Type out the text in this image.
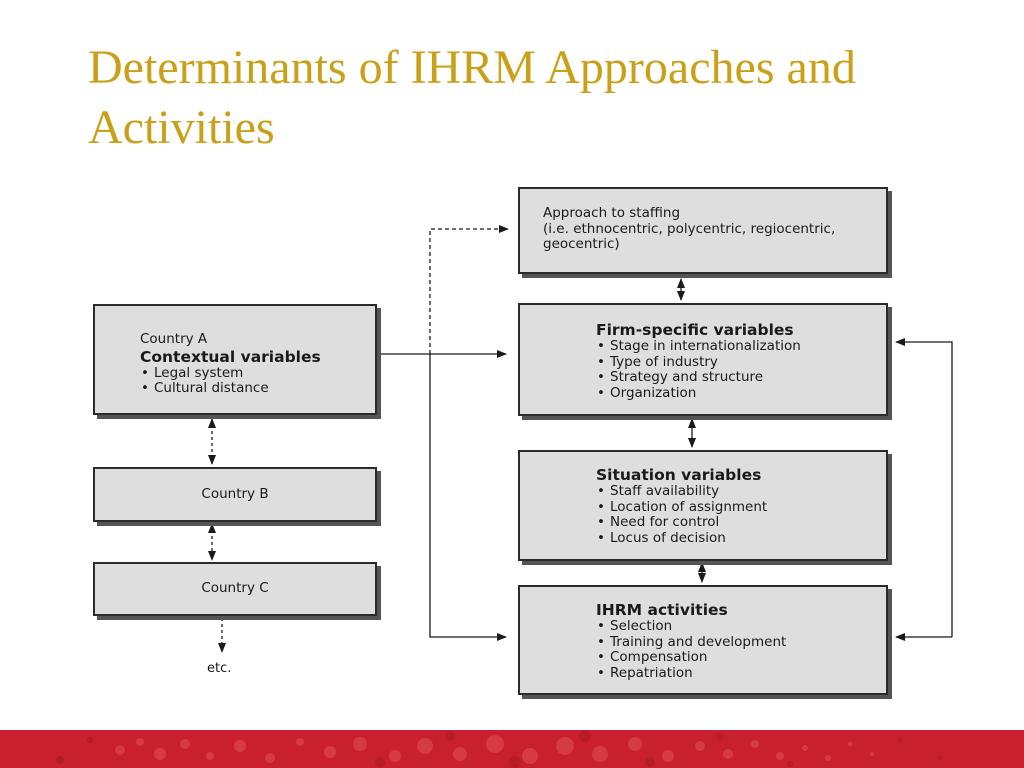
Determinants of IHRM Approaches and Activities
Approach to staffing
(i.e. ethnocentric, polycentric, regiocentric,
geocentric)
Country A
Contextual variables
• Legal system
• Cultural distance
Country B
Country C
etc.
Firm-specific variables
• Stage in internationalization
• Type of industry
• Strategy and structure
• Organization
Situation variables
• Staff availability
• Location of assignment
• Need for control
• Locus of decision
IHRM activities
• Selection
• Training and development
• Compensation
• Repatriation
